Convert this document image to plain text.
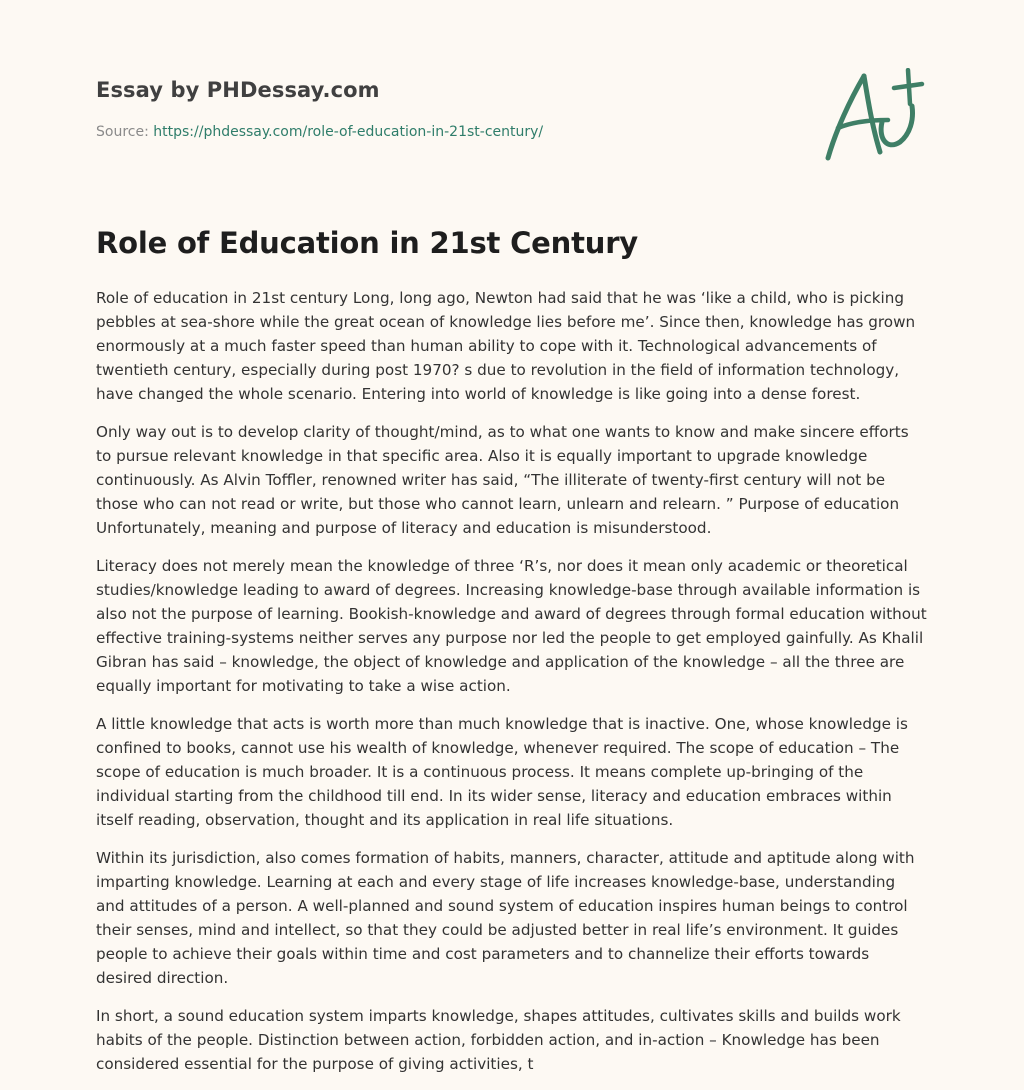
Essay by PHDessay.com
Source: https://phdessay.com/role-of-education-in-21st-century/
Role of Education in 21st Century

Role of education in 21st century Long, long ago, Newton had said that he was ‘like a child, who is picking pebbles at sea-shore while the great ocean of knowledge lies before me’. Since then, knowledge has grown enormously at a much faster speed than human ability to cope with it. Technological advancements of twentieth century, especially during post 1970? s due to revolution in the field of information technology, have changed the whole scenario. Entering into world of knowledge is like going into a dense forest.

Only way out is to develop clarity of thought/mind, as to what one wants to know and make sincere efforts to pursue relevant knowledge in that specific area. Also it is equally important to upgrade knowledge continuously. As Alvin Toffler, renowned writer has said, “The illiterate of twenty-first century will not be those who can not read or write, but those who cannot learn, unlearn and relearn. ” Purpose of education Unfortunately, meaning and purpose of literacy and education is misunderstood.

Literacy does not merely mean the knowledge of three ‘R’s, nor does it mean only academic or theoretical studies/knowledge leading to award of degrees. Increasing knowledge-base through available information is also not the purpose of learning. Bookish-knowledge and award of degrees through formal education without effective training-systems neither serves any purpose nor led the people to get employed gainfully. As Khalil Gibran has said – knowledge, the object of knowledge and application of the knowledge – all the three are equally important for motivating to take a wise action.

A little knowledge that acts is worth more than much knowledge that is inactive. One, whose knowledge is confined to books, cannot use his wealth of knowledge, whenever required. The scope of education – The scope of education is much broader. It is a continuous process. It means complete up-bringing of the individual starting from the childhood till end. In its wider sense, literacy and education embraces within itself reading, observation, thought and its application in real life situations.

Within its jurisdiction, also comes formation of habits, manners, character, attitude and aptitude along with imparting knowledge. Learning at each and every stage of life increases knowledge-base, understanding and attitudes of a person. A well-planned and sound system of education inspires human beings to control their senses, mind and intellect, so that they could be adjusted better in real life’s environment. It guides people to achieve their goals within time and cost parameters and to channelize their efforts towards desired direction.

In short, a sound education system imparts knowledge, shapes attitudes, cultivates skills and builds work habits of the people. Distinction between action, forbidden action, and in-action – Knowledge has been considered essential for the purpose of giving activities, t
